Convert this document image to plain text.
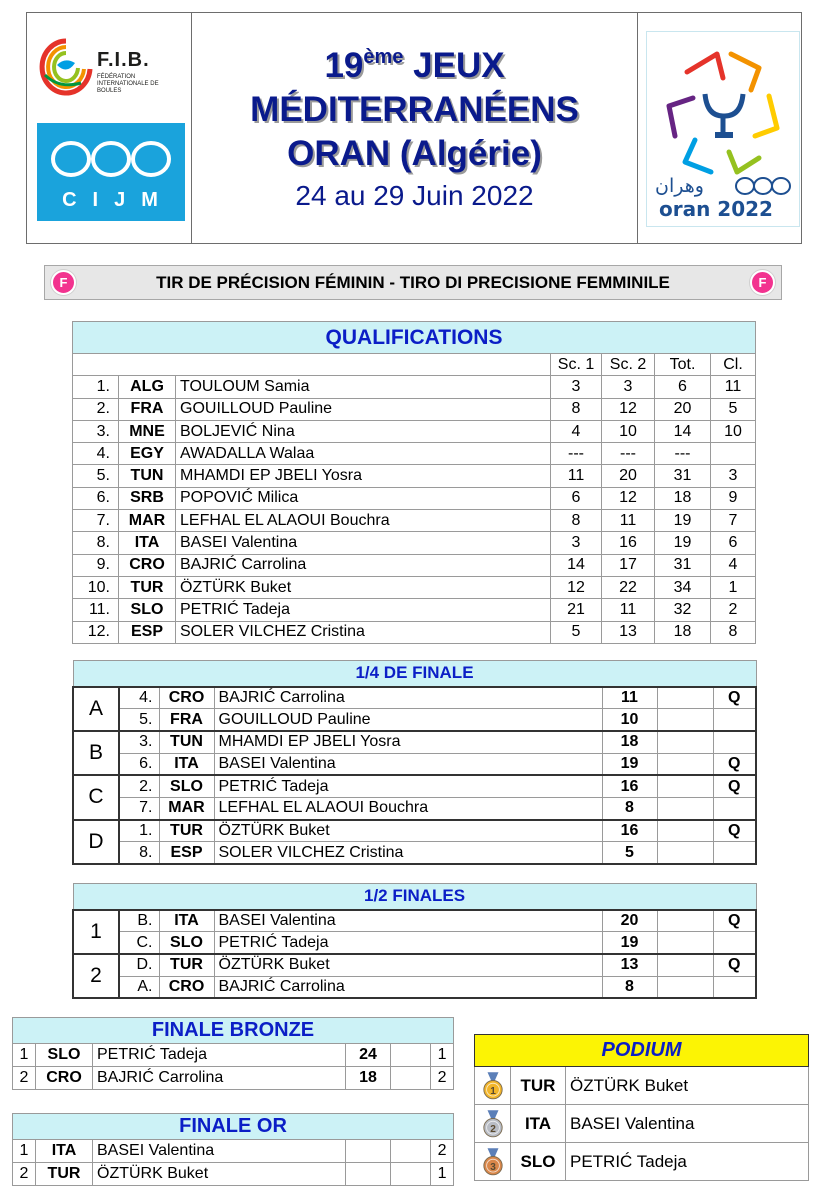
F.I.B.
FÉDÉRATION INTERNATIONALE DE BOULES
CIJM
19ème JEUX
MÉDITERRANÉENS
ORAN (Algérie)
24 au 29 Juin 2022	وهران
oran 2022
F	TIR DE PRÉCISION FÉMININ - TIRO DI PRECISIONE FEMMINILE	F
QUALIFICATIONS						
			Sc. 1	Sc. 2	Tot.	Cl.
1.	ALG	TOULOUM Samia	3	3	6	11
2.	FRA	GOUILLOUD Pauline	8	12	20	5
3.	MNE	BOLJEVIĆ Nina	4	10	14	10
4.	EGY	AWADALLA Walaa	---	---	---	
5.	TUN	MHAMDI EP JBELI Yosra	11	20	31	3
6.	SRB	POPOVIĆ Milica	6	12	18	9
7.	MAR	LEFHAL EL ALAOUI Bouchra	8	11	19	7
8.	ITA	BASEI Valentina	3	16	19	6
9.	CRO	BAJRIĆ Carrolina	14	17	31	4
10.	TUR	ÖZTÜRK Buket	12	22	34	1
11.	SLO	PETRIĆ Tadeja	21	11	32	2
12.	ESP	SOLER VILCHEZ Cristina	5	13	18	8
1/4 DE FINALE						
A	4.	CRO	BAJRIĆ Carrolina	11		Q
	5.	FRA	GOUILLOUD Pauline	10		
B	3.	TUN	MHAMDI EP JBELI Yosra	18		
	6.	ITA	BASEI Valentina	19		Q
C	2.	SLO	PETRIĆ Tadeja	16		Q
	7.	MAR	LEFHAL EL ALAOUI Bouchra	8		
D	1.	TUR	ÖZTÜRK Buket	16		Q
	8.	ESP	SOLER VILCHEZ Cristina	5		
1/2 FINALES						
1	B.	ITA	BASEI Valentina	20		Q
	C.	SLO	PETRIĆ Tadeja	19		
2	D.	TUR	ÖZTÜRK Buket	13		Q
	A.	CRO	BAJRIĆ Carrolina	8		
FINALE BRONZE					
1	SLO	PETRIĆ Tadeja	24		1
2	CRO	BAJRIĆ Carrolina	18		2
FINALE OR					
1	ITA	BASEI Valentina			2
2	TUR	ÖZTÜRK Buket			1
PODIUM		

1	TUR	ÖZTÜRK Buket

2	ITA	BASEI Valentina

3	SLO	PETRIĆ Tadeja
